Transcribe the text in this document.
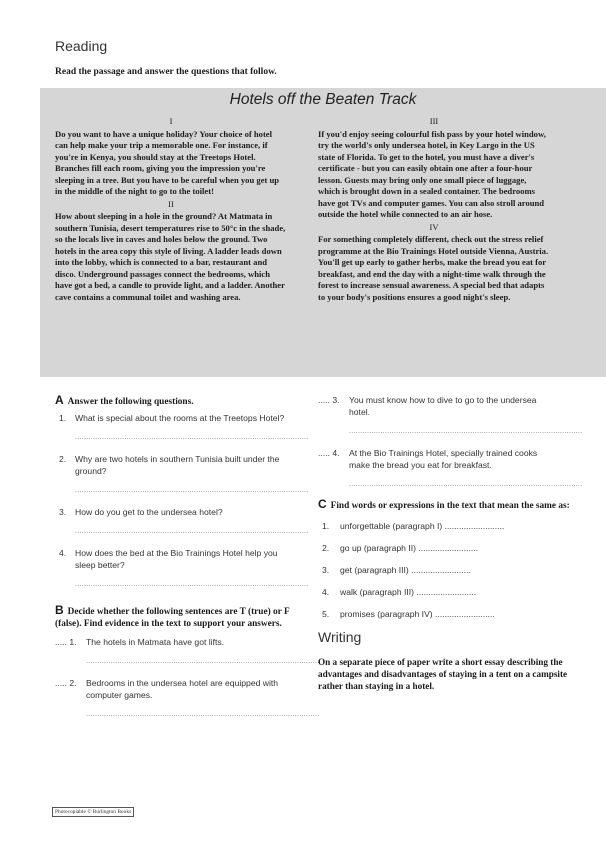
Reading
Read the passage and answer the questions that follow.
Hotels off the Beaten Track
I

Do you want to have a unique holiday? Your choice of hotel can help make your trip a memorable one. For instance, if you're in Kenya, you should stay at the Treetops Hotel. Branches fill each room, giving you the impression you're sleeping in a tree. But you have to be careful when you get up in the middle of the night to go to the toilet!

II

How about sleeping in a hole in the ground? At Matmata in southern Tunisia, desert temperatures rise to 50°c in the shade, so the locals live in caves and holes below the ground. Two hotels in the area copy this style of living. A ladder leads down into the lobby, which is connected to a bar, restaurant and disco. Underground passages connect the bedrooms, which have got a bed, a candle to provide light, and a ladder. Another cave contains a communal toilet and washing area.

III

If you'd enjoy seeing colourful fish pass by your hotel window, try the world's only undersea hotel, in Key Largo in the US state of Florida. To get to the hotel, you must have a diver's certificate - but you can easily obtain one after a four-hour lesson. Guests may bring only one small piece of luggage, which is brought down in a sealed container. The bedrooms have got TVs and computer games. You can also stroll around outside the hotel while connected to an air hose.

IV

For something completely different, check out the stress relief programme at the Bio Trainings Hotel outside Vienna, Austria. You'll get up early to gather herbs, make the bread you eat for breakfast, and end the day with a night-time walk through the forest to increase sensual awareness. A special bed that adapts to your body's positions ensures a good night's sleep.

A Answer the following questions.
1. What is special about the rooms at the Treetops Hotel?
........................................................................................................
2. Why are two hotels in southern Tunisia built under the ground?
........................................................................................................
3. How do you get to the undersea hotel?
........................................................................................................
4. How does the bed at the Bio Trainings Hotel help you sleep better?
........................................................................................................
B Decide whether the following sentences are T (true) or F (false). Find evidence in the text to support your answers.
..... 1. The hotels in Matmata have got lifts.
........................................................................................................
..... 2. Bedrooms in the undersea hotel are equipped with computer games.
........................................................................................................
..... 3. You must know how to dive to go to the undersea hotel.
........................................................................................................
..... 4. At the Bio Trainings Hotel, specially trained cooks make the bread you eat for breakfast.
........................................................................................................
C Find words or expressions in the text that mean the same as:
1. unforgettable (paragraph I) .........................
2. go up (paragraph II) .........................
3. get (paragraph III) .........................
4. walk (paragraph III) .........................
5. promises (paragraph IV) .........................
Writing
On a separate piece of paper write a short essay describing the advantages and disadvantages of staying in a tent on a campsite rather than staying in a hotel.
Photocopiable © Burlington Books
